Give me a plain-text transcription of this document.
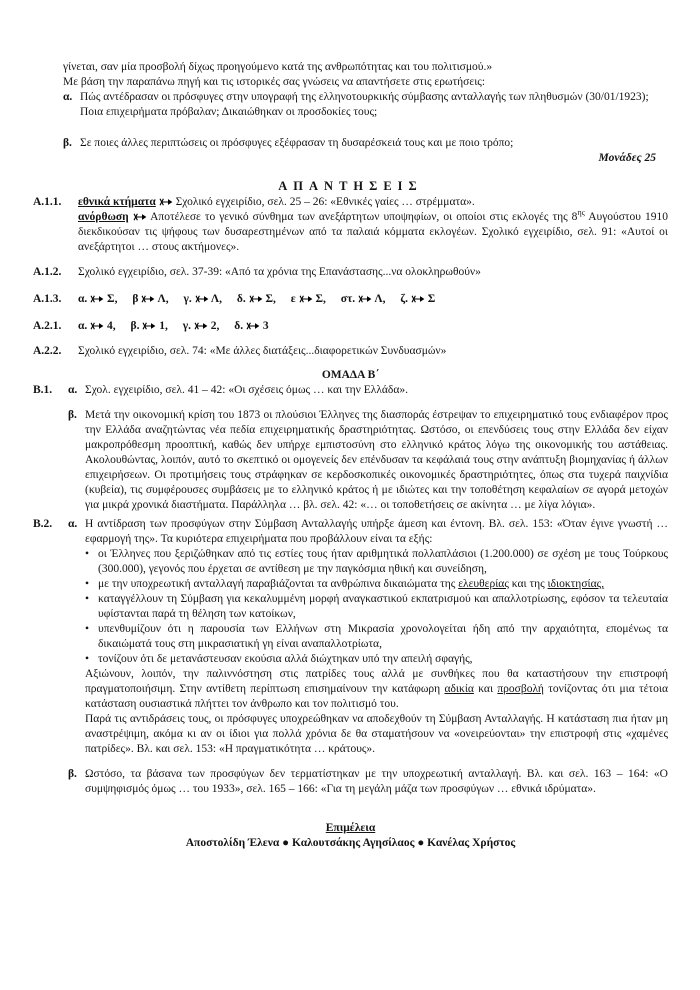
γίνεται, σαν μία προσβολή δίχως προηγούμενο κατά της ανθρωπότητας και του πολιτισμού.»

Με βάση την παραπάνω πηγή και τις ιστορικές σας γνώσεις να απαντήσετε στις ερωτήσεις:

α. Πώς αντέδρασαν οι πρόσφυγες στην υπογραφή της ελληνοτουρκικής σύμβασης ανταλλαγής των πληθυσμών (30/01/1923); Ποια επιχειρήματα πρόβαλαν; Δικαιώθηκαν οι προσδοκίες τους;
β. Σε ποιες άλλες περιπτώσεις οι πρόσφυγες εξέφρασαν τη δυσαρέσκειά τους και με ποιο τρόπο;

Μονάδες 25

ΑΠΑΝΤΗΣΕΙΣ

Α.1.1.	εθνικά κτήματα Σχολικό εγχειρίδιο, σελ. 25 – 26: «Εθνικές γαίες … στρέμματα».
ανόρθωση Αποτέλεσε το γενικό σύνθημα των ανεξάρτητων υποψηφίων, οι οποίοι στις εκλογές της $8^{\eta\varsigma}$ Αυγούστου 1910 διεκδικούσαν τις ψήφους των δυσαρεστημένων από τα παλαιά κόμματα εκλογέων. Σχολικό εγχειρίδιο, σελ. 91: «Αυτοί οι ανεξάρτητοι … στους ακτήμονες».
Α.1.2.	Σχολικό εγχειρίδιο, σελ. 37-39: «Από τα χρόνια της Επανάστασης...να ολοκληρωθούν»
Α.1.3.	α. Σ , β Λ , γ. Λ , δ. Σ , ε Σ , στ. Λ , ζ. Σ
Α.2.1.	α. 4 , β. 1 , γ. 2 , δ. 3
Α.2.2.	Σχολικό εγχειρίδιο, σελ. 74: «Με άλλες διατάξεις...διαφορετικών Συνδυασμών»

ΟΜΑΔΑ Β΄

Β.1.	α. Σχολ. εγχειρίδιο, σελ. 41 – 42: «Οι σχέσεις όμως … και την Ελλάδα».
β. Μετά την οικονομική κρίση του 1873 οι πλούσιοι Έλληνες της διασποράς έστρεψαν το επιχειρηματικό τους ενδιαφέρον προς την Ελλάδα αναζητώντας νέα πεδία επιχειρηματικής δραστηριότητας. Ωστόσο, οι επενδύσεις τους στην Ελλάδα δεν είχαν μακροπρόθεσμη προοπτική, καθώς δεν υπήρχε εμπιστοσύνη στο ελληνικό κράτος λόγω της οικονομικής του αστάθειας. Ακολουθώντας, λοιπόν, αυτό το σκεπτικό οι ομογενείς δεν επένδυσαν τα κεφάλαιά τους στην ανάπτυξη βιομηχανίας ή άλλων επιχειρήσεων. Οι προτιμήσεις τους στράφηκαν σε κερδοσκοπικές οικονομικές δραστηριότητες, όπως στα τυχερά παιχνίδια (κυβεία), τις συμφέρουσες συμβάσεις με το ελληνικό κράτος ή με ιδιώτες και την τοποθέτηση κεφαλαίων σε αγορά μετοχών για μικρά χρονικά διαστήματα. Παράλληλα … βλ. σελ. 42: «… οι τοποθετήσεις σε ακίνητα … με λίγα λόγια».
Β.2.	α. Η αντίδραση των προσφύγων στην Σύμβαση Ανταλλαγής υπήρξε άμεση και έντονη. Βλ. σελ. 153: «Όταν έγινε γνωστή … εφαρμογή της». Τα κυριότερα επιχειρήματα που προβάλλουν είναι τα εξής:
• οι Έλληνες που ξεριζώθηκαν από τις εστίες τους ήταν αριθμητικά πολλαπλάσιοι (1.200.000) σε σχέση με τους Τούρκους (300.000), γεγονός που έρχεται σε αντίθεση με την παγκόσμια ηθική και συνείδηση,
• με την υποχρεωτική ανταλλαγή παραβιάζονται τα ανθρώπινα δικαιώματα της ελευθερίας και της ιδιοκτησίας,
• καταγγέλλουν τη Σύμβαση για κεκαλυμμένη μορφή αναγκαστικού εκπατρισμού και απαλλοτρίωσης, εφόσον τα τελευταία υφίστανται παρά τη θέληση των κατοίκων,
• υπενθυμίζουν ότι η παρουσία των Ελλήνων στη Μικρασία χρονολογείται ήδη από την αρχαιότητα, επομένως τα δικαιώματά τους στη μικρασιατική γη είναι αναπαλλοτρίωτα,
• τονίζουν ότι δε μετανάστευσαν εκούσια αλλά διώχτηκαν υπό την απειλή σφαγής,
Αξιώνουν, λοιπόν, την παλιννόστηση στις πατρίδες τους αλλά με συνθήκες που θα καταστήσουν την επιστροφή πραγματοποιήσιμη. Στην αντίθετη περίπτωση επισημαίνουν την κατάφωρη αδικία και προσβολή τονίζοντας ότι μια τέτοια κατάσταση ουσιαστικά πλήττει τον άνθρωπο και τον πολιτισμό του.
Παρά τις αντιδράσεις τους, οι πρόσφυγες υποχρεώθηκαν να αποδεχθούν τη Σύμβαση Ανταλλαγής. Η κατάσταση πια ήταν μη αναστρέψιμη, ακόμα κι αν οι ίδιοι για πολλά χρόνια δε θα σταματήσουν να «ονειρεύονται» την επιστροφή στις «χαμένες πατρίδες». Βλ. και σελ. 153: «Η πραγματικότητα … κράτους».
β. Ωστόσο, τα βάσανα των προσφύγων δεν τερματίστηκαν με την υποχρεωτική ανταλλαγή. Βλ. και σελ. 163 – 164: «Ο συμψηφισμός όμως … του 1933», σελ. 165 – 166: «Για τη μεγάλη μάζα των προσφύγων … εθνικά ιδρύματα».
Επιμέλεια
Αποστολίδη Έλενα ● Καλουτσάκης Αγησίλαος ● Κανέλας Χρήστος
